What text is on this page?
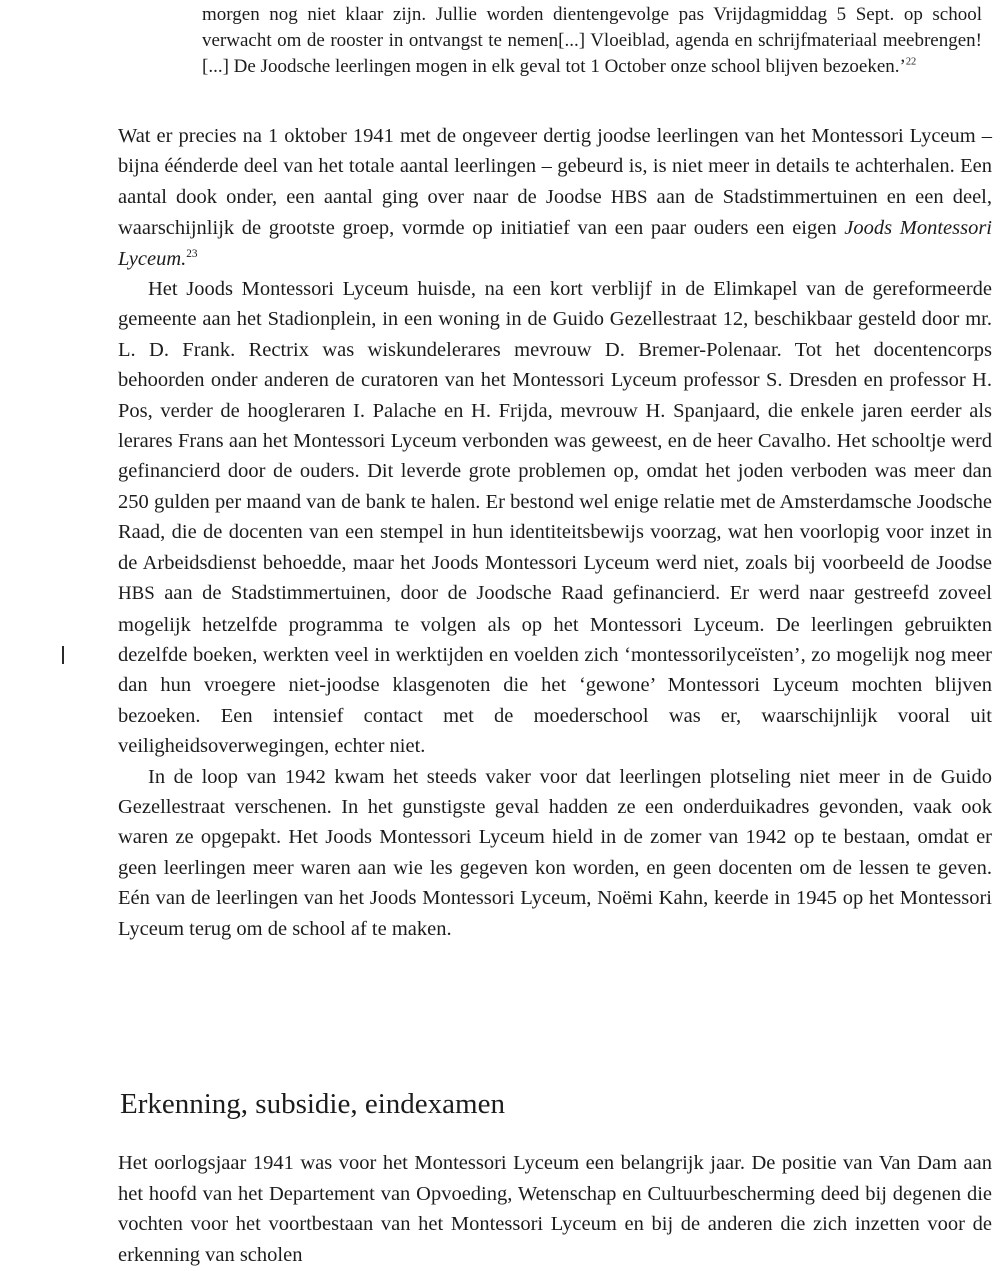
morgen nog niet klaar zijn. Jullie worden dientengevolge pas Vrijdagmiddag 5 Sept. op school verwacht om de rooster in ontvangst te nemen[...] Vloeiblad, agenda en schrijfmateriaal meebrengen![...] De Joodsche leerlingen mogen in elk geval tot 1 October onze school blijven bezoeken.’$^{22}$

Wat er precies na 1 oktober 1941 met de ongeveer dertig joodse leerlingen van het Montessori Lyceum – bijna éénderde deel van het totale aantal leerlingen – gebeurd is, is niet meer in details te achterhalen. Een aantal dook onder, een aantal ging over naar de Joodse HBS aan de Stadstimmertuinen en een deel, waarschijnlijk de grootste groep, vormde op initiatief van een paar ouders een eigen Joods Montessori Lyceum.$^{23}$

Het Joods Montessori Lyceum huisde, na een kort verblijf in de Elimkapel van de gereformeerde gemeente aan het Stadionplein, in een woning in de Guido Gezellestraat 12, beschikbaar gesteld door mr. L. D. Frank. Rectrix was wiskundelerares mevrouw D. Bremer-Polenaar. Tot het docentencorps behoorden onder anderen de curatoren van het Montessori Lyceum professor S. Dresden en professor H. Pos, verder de hoogleraren I. Palache en H. Frijda, mevrouw H. Spanjaard, die enkele jaren eerder als lerares Frans aan het Montessori Lyceum verbonden was geweest, en de heer Cavalho. Het schooltje werd gefinancierd door de ouders. Dit leverde grote problemen op, omdat het joden verboden was meer dan 250 gulden per maand van de bank te halen. Er bestond wel enige relatie met de Amsterdamsche Joodsche Raad, die de docenten van een stempel in hun identiteitsbewijs voorzag, wat hen voorlopig voor inzet in de Arbeidsdienst behoedde, maar het Joods Montessori Lyceum werd niet, zoals bij voorbeeld de Joodse HBS aan de Stadstimmertuinen, door de Joodsche Raad gefinancierd. Er werd naar gestreefd zoveel mogelijk hetzelfde programma te volgen als op het Montessori Lyceum. De leerlingen gebruikten dezelfde boeken, werkten veel in werktijden en voelden zich ‘montessorilyceïsten’, zo mogelijk nog meer dan hun vroegere niet-joodse klasgenoten die het ‘gewone’ Montessori Lyceum mochten blijven bezoeken. Een intensief contact met de moederschool was er, waarschijnlijk vooral uit veiligheidsoverwegingen, echter niet.

In de loop van 1942 kwam het steeds vaker voor dat leerlingen plotseling niet meer in de Guido Gezellestraat verschenen. In het gunstigste geval hadden ze een onderduikadres gevonden, vaak ook waren ze opgepakt. Het Joods Montessori Lyceum hield in de zomer van 1942 op te bestaan, omdat er geen leerlingen meer waren aan wie les gegeven kon worden, en geen docenten om de lessen te geven. Eén van de leerlingen van het Joods Montessori Lyceum, Noëmi Kahn, keerde in 1945 op het Montessori Lyceum terug om de school af te maken.

Erkenning, subsidie, eindexamen

Het oorlogsjaar 1941 was voor het Montessori Lyceum een belangrijk jaar. De positie van Van Dam aan het hoofd van het Departement van Opvoeding, Wetenschap en Cultuurbescherming deed bij degenen die vochten voor het voortbestaan van het Montessori Lyceum en bij de anderen die zich inzetten voor de erkenning van scholen
